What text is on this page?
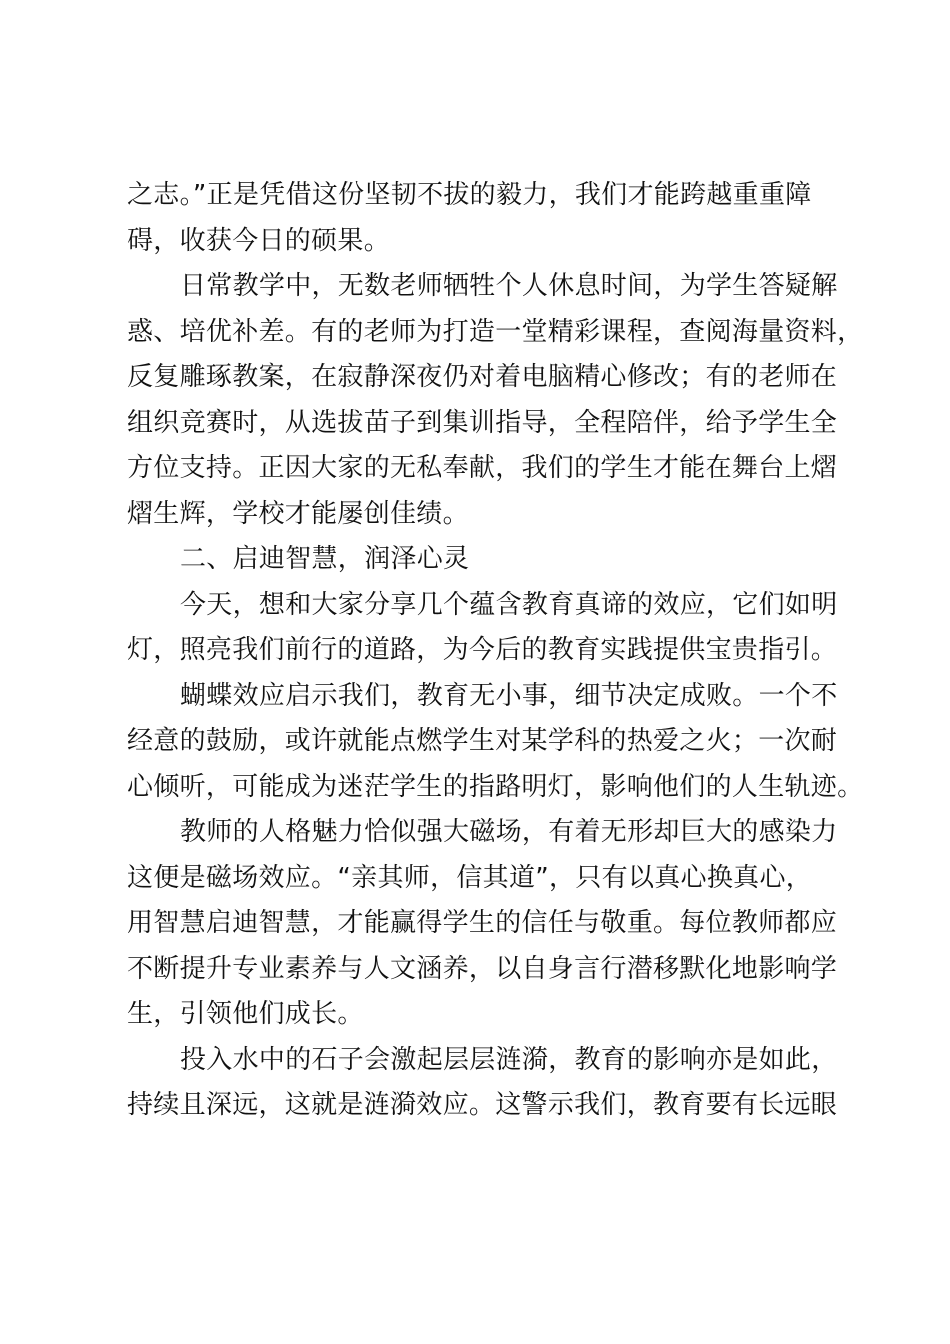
之志。”正是凭借这份坚韧不拔的毅力，我们才能跨越重重障
碍，收获今日的硕果。
日常教学中，无数老师牺牲个人休息时间，为学生答疑解
惑、培优补差。有的老师为打造一堂精彩课程，查阅海量资料，
反复雕琢教案，在寂静深夜仍对着电脑精心修改；有的老师在
组织竞赛时，从选拔苗子到集训指导，全程陪伴，给予学生全
方位支持。正因大家的无私奉献，我们的学生才能在舞台上熠
熠生辉，学校才能屡创佳绩。
二、启迪智慧，润泽心灵
今天，想和大家分享几个蕴含教育真谛的效应，它们如明
灯，照亮我们前行的道路，为今后的教育实践提供宝贵指引。
蝴蝶效应启示我们，教育无小事，细节决定成败。一个不
经意的鼓励，或许就能点燃学生对某学科的热爱之火；一次耐
心倾听，可能成为迷茫学生的指路明灯，影响他们的人生轨迹。
教师的人格魅力恰似强大磁场，有着无形却巨大的感染力
这便是磁场效应。“亲其师，信其道”，只有以真心换真心，
用智慧启迪智慧，才能赢得学生的信任与敬重。每位教师都应
不断提升专业素养与人文涵养，以自身言行潜移默化地影响学
生，引领他们成长。
投入水中的石子会激起层层涟漪，教育的影响亦是如此，
持续且深远，这就是涟漪效应。这警示我们，教育要有长远眼
